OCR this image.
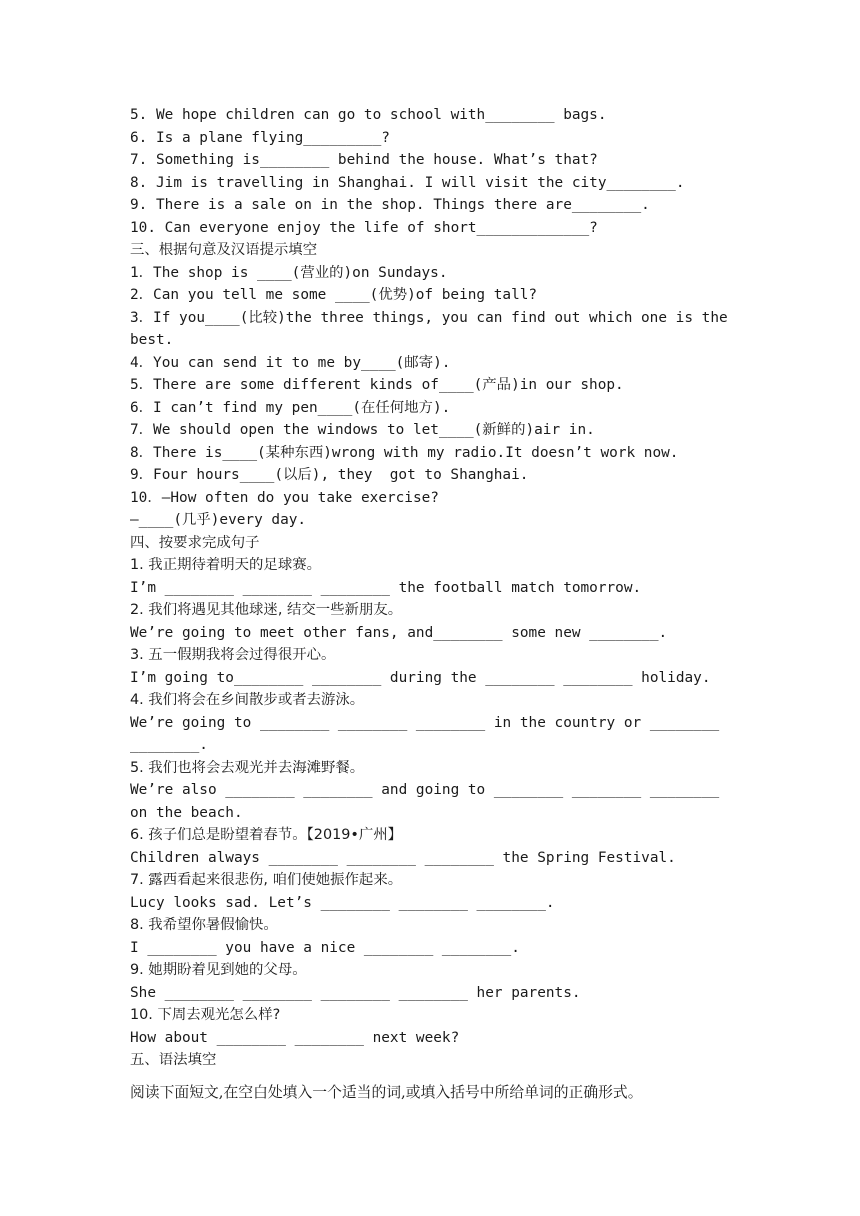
5. We hope children can go to school with________ bags.
6. Is a plane flying_________?
7. Something is________ behind the house. What’s that?
8. Jim is travelling in Shanghai. I will visit the city________.
9. There is a sale on in the shop. Things there are________.
10. Can everyone enjoy the life of short_____________?
三、根据句意及汉语提示填空
1．The shop is ____(营业的)on Sundays.
2．Can you tell me some ____(优势)of being tall?
3．If you____(比较)the three things, you can find out which one is the best.
4．You can send it to me by____(邮寄).
5．There are some different kinds of____(产品)in our shop.
6．I can’t find my pen____(在任何地方).
7．We should open the windows to let____(新鲜的)air in.
8．There is____(某种东西)wrong with my radio.It doesn’t work now.
9．Four hours____(以后), they  got to Shanghai.
10．—How often do you take exercise?
—____(几乎)every day.
四、按要求完成句子
1. 我正期待着明天的足球赛。
I’m ________ ________ ________ the football match tomorrow.
2. 我们将遇见其他球迷, 结交一些新朋友。
We’re going to meet other fans, and________ some new ________.
3. 五一假期我将会过得很开心。
I’m going to________ ________ during the ________ ________ holiday.
4. 我们将会在乡间散步或者去游泳。
We’re going to ________ ________ ________ in the country or ________ ________.
5. 我们也将会去观光并去海滩野餐。
We’re also ________ ________ and going to ________ ________ ________ on the beach.
6. 孩子们总是盼望着春节。【2019•广州】
Children always ________ ________ ________ the Spring Festival.
7. 露西看起来很悲伤, 咱们使她振作起来。
Lucy looks sad. Let’s ________ ________ ________.
8. 我希望你暑假愉快。
I ________ you have a nice ________ ________.
9. 她期盼着见到她的父母。
She ________ ________ ________ ________ her parents.
10. 下周去观光怎么样?
How about ________ ________ next week?
五、语法填空
阅读下面短文,在空白处填入一个适当的词,或填入括号中所给单词的正确形式。
